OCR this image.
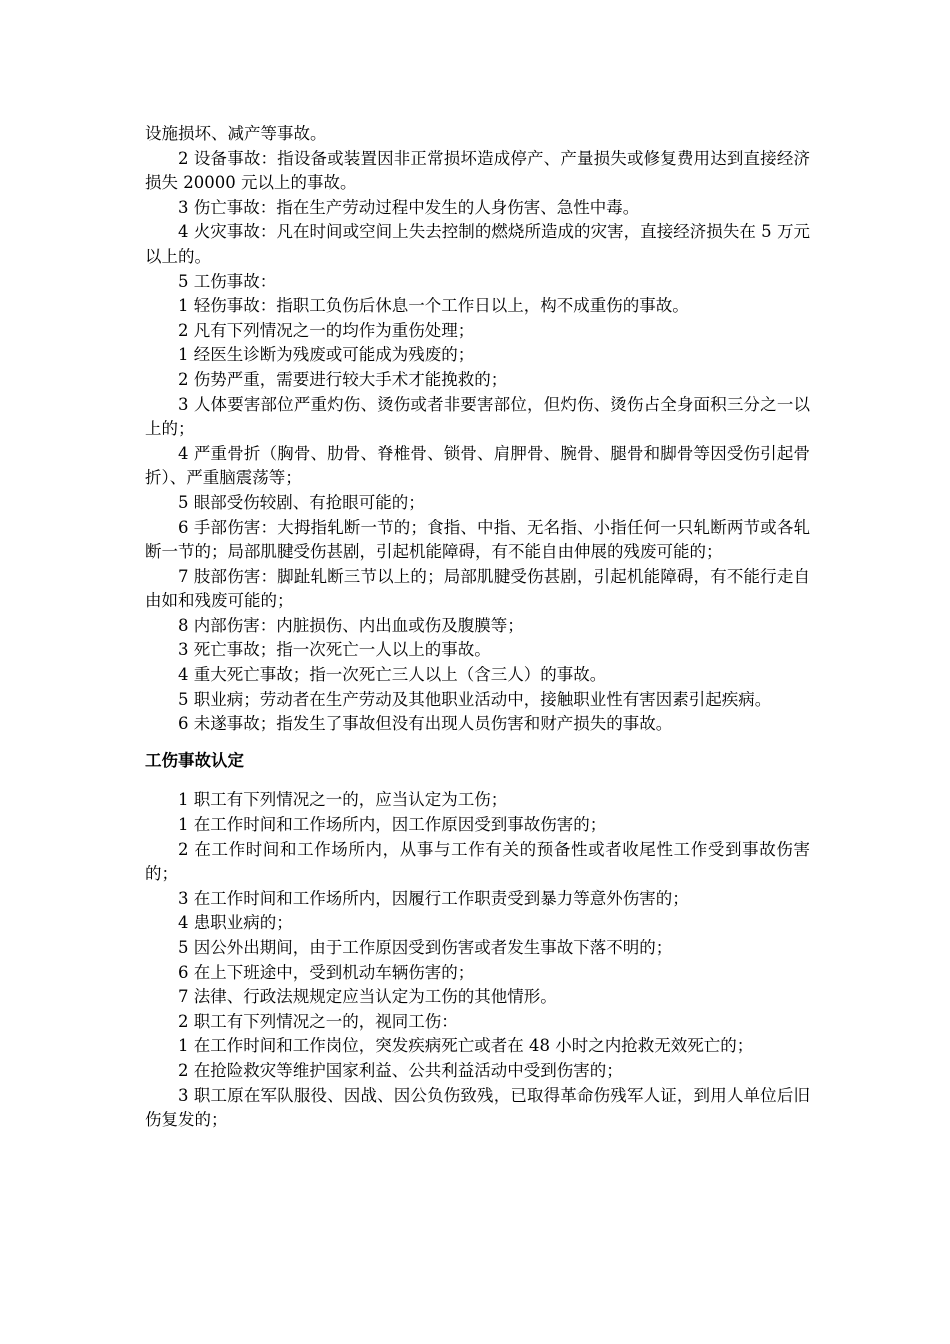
设施损坏、减产等事故。

2 设备事故：指设备或装置因非正常损坏造成停产、产量损失或修复费用达到直接经济损失 20000 元以上的事故。

3 伤亡事故：指在生产劳动过程中发生的人身伤害、急性中毒。

4 火灾事故：凡在时间或空间上失去控制的燃烧所造成的灾害，直接经济损失在 5 万元以上的。

5 工伤事故：

1 轻伤事故：指职工负伤后休息一个工作日以上，构不成重伤的事故。

2 凡有下列情况之一的均作为重伤处理；

1 经医生诊断为残废或可能成为残废的；

2 伤势严重，需要进行较大手术才能挽救的；

3 人体要害部位严重灼伤、烫伤或者非要害部位，但灼伤、烫伤占全身面积三分之一以上的；

4 严重骨折（胸骨、肋骨、脊椎骨、锁骨、肩胛骨、腕骨、腿骨和脚骨等因受伤引起骨折）、严重脑震荡等；

5 眼部受伤较剧、有抢眼可能的；

6 手部伤害：大拇指轧断一节的；食指、中指、无名指、小指任何一只轧断两节或各轧断一节的；局部肌腱受伤甚剧，引起机能障碍，有不能自由伸展的残废可能的；

7 肢部伤害：脚趾轧断三节以上的；局部肌腱受伤甚剧，引起机能障碍，有不能行走自由如和残废可能的；

8 内部伤害：内脏损伤、内出血或伤及腹膜等；

3 死亡事故；指一次死亡一人以上的事故。

4 重大死亡事故；指一次死亡三人以上（含三人）的事故。

5 职业病；劳动者在生产劳动及其他职业活动中，接触职业性有害因素引起疾病。

6 未遂事故；指发生了事故但没有出现人员伤害和财产损失的事故。

工伤事故认定

1 职工有下列情况之一的，应当认定为工伤；

1 在工作时间和工作场所内，因工作原因受到事故伤害的；

2 在工作时间和工作场所内，从事与工作有关的预备性或者收尾性工作受到事故伤害的；

3 在工作时间和工作场所内，因履行工作职责受到暴力等意外伤害的；

4 患职业病的；

5 因公外出期间，由于工作原因受到伤害或者发生事故下落不明的；

6 在上下班途中，受到机动车辆伤害的；

7 法律、行政法规规定应当认定为工伤的其他情形。

2 职工有下列情况之一的，视同工伤：

1 在工作时间和工作岗位，突发疾病死亡或者在 48 小时之内抢救无效死亡的；

2 在抢险救灾等维护国家利益、公共利益活动中受到伤害的；

3 职工原在军队服役、因战、因公负伤致残，已取得革命伤残军人证，到用人单位后旧伤复发的；
